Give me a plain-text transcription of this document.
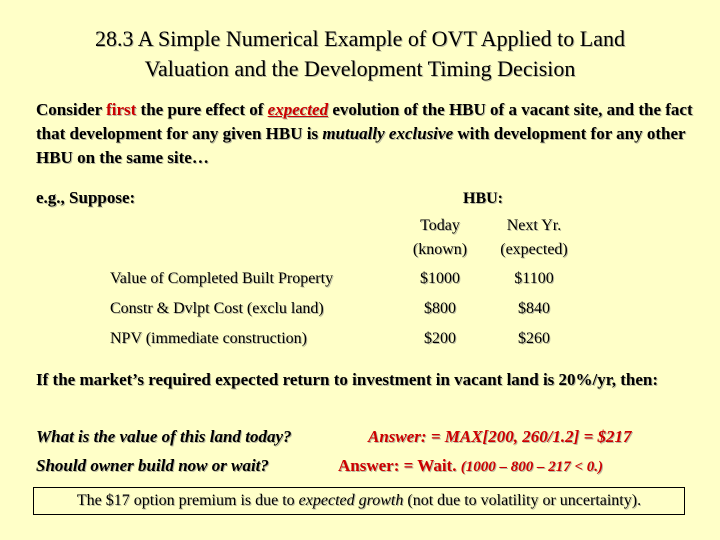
28.3 A Simple Numerical Example of OVT Applied to Land
Valuation and the Development Timing Decision
Consider first the pure effect of expected evolution of the HBU of a vacant site, and the fact that development for any given HBU is mutually exclusive with development for any other HBU on the same site…
e.g., Suppose:	HBU:
Today
(known)
Next Yr.
(expected)
Value of Completed Built Property	$1000	$1100
Constr & Dvlpt Cost (exclu land)	$800	$840
NPV (immediate construction)	$200	$260
If the market’s required expected return to investment in vacant land is 20%/yr, then:
What is the value of this land today?	Answer: = MAX[200, 260/1.2] = $217
Should owner build now or wait?	Answer: = Wait. (1000 – 800 – 217 < 0.)
The $17 option premium is due to expected growth (not due to volatility or uncertainty).
